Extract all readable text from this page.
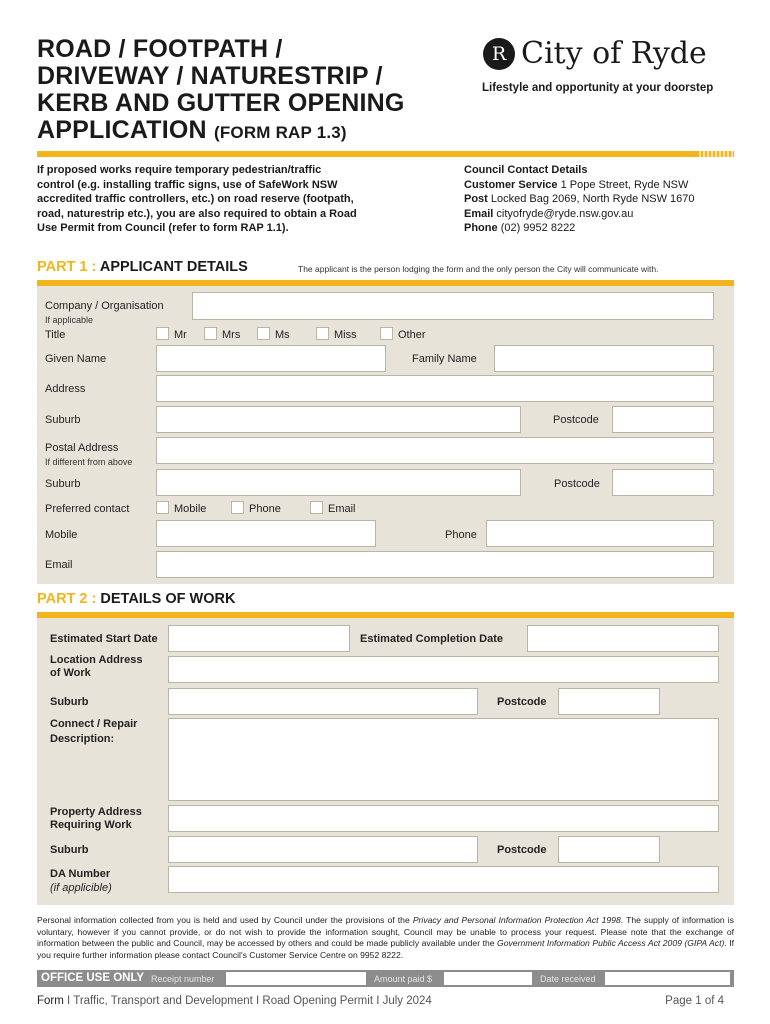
ROAD / FOOTPATH /
DRIVEWAY / NATURESTRIP /
KERB AND GUTTER OPENING
APPLICATION (FORM RAP 1.3)
R City of Ryde
Lifestyle and opportunity at your doorstep
If proposed works require temporary pedestrian/traffic
control (e.g. installing traffic signs, use of SafeWork NSW
accredited traffic controllers, etc.) on road reserve (footpath,
road, naturestrip etc.), you are also required to obtain a Road
Use Permit from Council (refer to form RAP 1.1).
Council Contact Details
Customer Service 1 Pope Street, Ryde NSW
Post Locked Bag 2069, North Ryde NSW 1670
Email cityofryde@ryde.nsw.gov.au
Phone (02) 9952 8222
PART 1 : APPLICANT DETAILS	The applicant is the person lodging the form and the only person the City will communicate with.
Company / Organisation
If applicable
Title	Mr	Mrs	Ms	Miss	Other
Given Name	Family Name
Address
Suburb	Postcode
Postal Address
If different from above
Suburb	Postcode
Preferred contact	Mobile	Phone	Email
Mobile	Phone
Email
PART 2 : DETAILS OF WORK
Estimated Start Date	Estimated Completion Date
Location Address
of Work
Suburb	Postcode
Connect / Repair
Description:
Property Address
Requiring Work
Suburb	Postcode
DA Number
(if applicible)
Personal information collected from you is held and used by Council under the provisions of the Privacy and Personal Information Protection Act 1998. The supply of information is voluntary, however if you cannot provide, or do not wish to provide the information sought, Council may be unable to process your request. Please note that the exchange of information between the public and Council, may be accessed by others and could be made publicly available under the Government Information Public Access Act 2009 (GIPA Act). If you require further information please contact Council's Customer Service Centre on 9952 8222.
OFFICE USE ONLY Receipt number	Amount paid $	Date received
Form I Traffic, Transport and Development I Road Opening Permit I July 2024	Page 1 of 4
